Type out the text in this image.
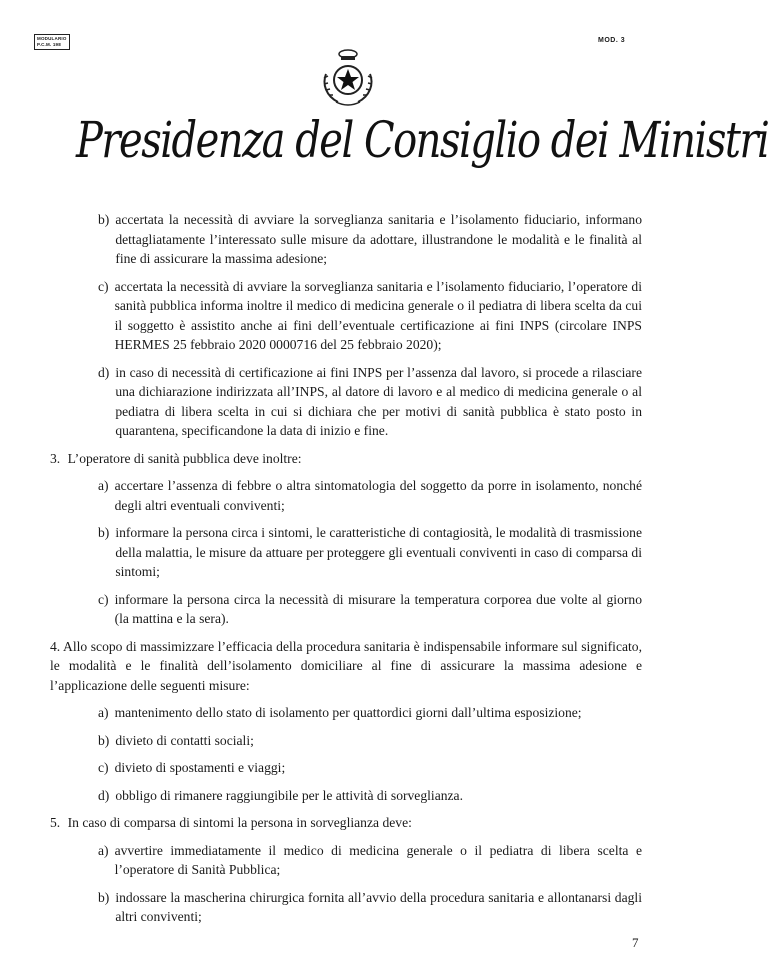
MODULARIO
P.C.M. 198
MOD. 3
Presidenza del Consiglio dei Ministri
b) accertata la necessità di avviare la sorveglianza sanitaria e l’isolamento fiduciario, informano dettagliatamente l’interessato sulle misure da adottare, illustrandone le modalità e le finalità al fine di assicurare la massima adesione;
c) accertata la necessità di avviare la sorveglianza sanitaria e l’isolamento fiduciario, l’operatore di sanità pubblica informa inoltre il medico di medicina generale o il pediatra di libera scelta da cui il soggetto è assistito anche ai fini dell’eventuale certificazione ai fini INPS (circolare INPS HERMES 25 febbraio 2020 0000716 del 25 febbraio 2020);
d) in caso di necessità di certificazione ai fini INPS per l’assenza dal lavoro, si procede a rilasciare una dichiarazione indirizzata all’INPS, al datore di lavoro e al medico di medicina generale o al pediatra di libera scelta in cui si dichiara che per motivi di sanità pubblica è stato posto in quarantena, specificandone la data di inizio e fine.
3. L’operatore di sanità pubblica deve inoltre:
a) accertare l’assenza di febbre o altra sintomatologia del soggetto da porre in isolamento, nonché degli altri eventuali conviventi;
b) informare la persona circa i sintomi, le caratteristiche di contagiosità, le modalità di trasmissione della malattia, le misure da attuare per proteggere gli eventuali conviventi in caso di comparsa di sintomi;
c) informare la persona circa la necessità di misurare la temperatura corporea due volte al giorno (la mattina e la sera).
4. Allo scopo di massimizzare l’efficacia della procedura sanitaria è indispensabile informare sul significato, le modalità e le finalità dell’isolamento domiciliare al fine di assicurare la massima adesione e l’applicazione delle seguenti misure:
a) mantenimento dello stato di isolamento per quattordici giorni dall’ultima esposizione;
b) divieto di contatti sociali;
c) divieto di spostamenti e viaggi;
d) obbligo di rimanere raggiungibile per le attività di sorveglianza.
5. In caso di comparsa di sintomi la persona in sorveglianza deve:
a) avvertire immediatamente il medico di medicina generale o il pediatra di libera scelta e l’operatore di Sanità Pubblica;
b) indossare la mascherina chirurgica fornita all’avvio della procedura sanitaria e allontanarsi dagli altri conviventi;
7
